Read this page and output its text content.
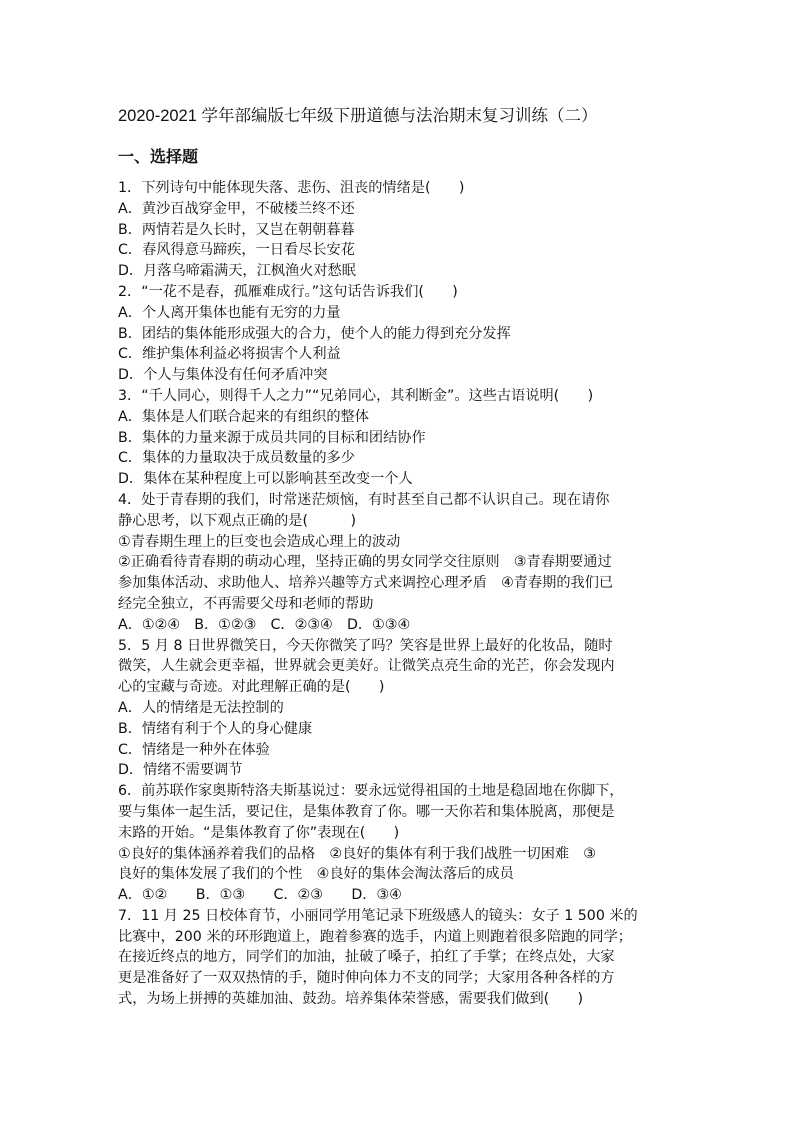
2020-2021 学年部编版七年级下册道德与法治期末复习训练（二）
一、选择题
1．下列诗句中能体现失落、悲伤、沮丧的情绪是(　　)
A．黄沙百战穿金甲，不破楼兰终不还
B．两情若是久长时，又岂在朝朝暮暮
C．春风得意马蹄疾，一日看尽长安花
D．月落乌啼霜满天，江枫渔火对愁眠
2．“一花不是春，孤雁难成行。”这句话告诉我们(　　)
A．个人离开集体也能有无穷的力量
B．团结的集体能形成强大的合力，使个人的能力得到充分发挥
C．维护集体利益必将损害个人利益
D．个人与集体没有任何矛盾冲突
3．“千人同心，则得千人之力”“兄弟同心，其利断金”。这些古语说明(　　)
A．集体是人们联合起来的有组织的整体
B．集体的力量来源于成员共同的目标和团结协作
C．集体的力量取决于成员数量的多少
D．集体在某种程度上可以影响甚至改变一个人
4．处于青春期的我们，时常迷茫烦恼，有时甚至自己都不认识自己。现在请你
静心思考，以下观点正确的是(　　　)
①青春期生理上的巨变也会造成心理上的波动
②正确看待青春期的萌动心理，坚持正确的男女同学交往原则　③青春期要通过
参加集体活动、求助他人、培养兴趣等方式来调控心理矛盾　④青春期的我们已
经完全独立，不再需要父母和老师的帮助
A．①②④　B．①②③　C．②③④　D．①③④
5．5 月 8 日世界微笑日，今天你微笑了吗？笑容是世界上最好的化妆品，随时
微笑，人生就会更幸福，世界就会更美好。让微笑点亮生命的光芒，你会发现内
心的宝藏与奇迹。对此理解正确的是(　　)
A．人的情绪是无法控制的
B．情绪有利于个人的身心健康
C．情绪是一种外在体验
D．情绪不需要调节
6．前苏联作家奥斯特洛夫斯基说过：要永远觉得祖国的土地是稳固地在你脚下，
要与集体一起生活，要记住，是集体教育了你。哪一天你若和集体脱离，那便是
末路的开始。“是集体教育了你”表现在(　　)
①良好的集体涵养着我们的品格　②良好的集体有利于我们战胜一切困难　③
良好的集体发展了我们的个性　④良好的集体会淘汰落后的成员
A．①②　　B．①③　　C．②③　　D．③④
7．11 月 25 日校体育节，小丽同学用笔记录下班级感人的镜头：女子 1 500 米的
比赛中，200 米的环形跑道上，跑着参赛的选手，内道上则跑着很多陪跑的同学；
在接近终点的地方，同学们的加油，扯破了嗓子，拍红了手掌；在终点处，大家
更是准备好了一双双热情的手，随时伸向体力不支的同学；大家用各种各样的方
式，为场上拼搏的英雄加油、鼓劲。培养集体荣誉感，需要我们做到(　　)
